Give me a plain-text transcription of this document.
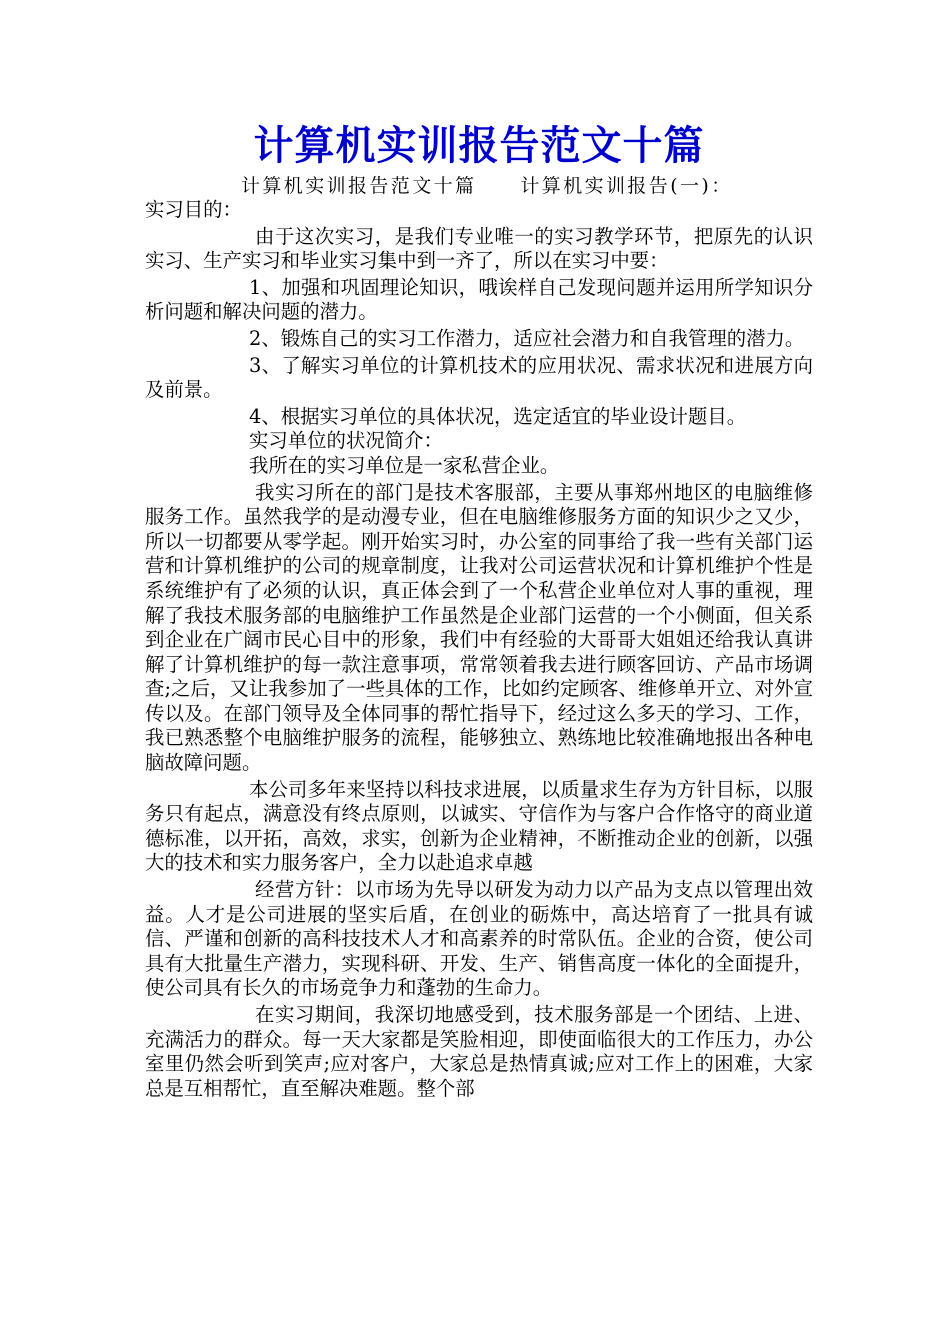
计算机实训报告范文十篇

计算机实训报告范文十篇 计算机实训报告(一)：

实习目的：

由于这次实习，是我们专业唯一的实习教学环节，把原先的认识实习、生产实习和毕业实习集中到一齐了，所以在实习中要：

1、加强和巩固理论知识，哦诶样自己发现问题并运用所学知识分析问题和解决问题的潜力。

2、锻炼自己的实习工作潜力，适应社会潜力和自我管理的潜力。

3、了解实习单位的计算机技术的应用状况、需求状况和进展方向及前景。

4、根据实习单位的具体状况，选定适宜的毕业设计题目。

实习单位的状况简介：

我所在的实习单位是一家私营企业。

我实习所在的部门是技术客服部，主要从事郑州地区的电脑维修服务工作。虽然我学的是动漫专业，但在电脑维修服务方面的知识少之又少，所以一切都要从零学起。刚开始实习时，办公室的同事给了我一些有关部门运营和计算机维护的公司的规章制度，让我对公司运营状况和计算机维护个性是系统维护有了必须的认识，真正体会到了一个私营企业单位对人事的重视，理解了我技术服务部的电脑维护工作虽然是企业部门运营的一个小侧面，但关系到企业在广阔市民心目中的形象，我们中有经验的大哥哥大姐姐还给我认真讲解了计算机维护的每一款注意事项，常常领着我去进行顾客回访、产品市场调查;之后，又让我参加了一些具体的工作，比如约定顾客、维修单开立、对外宣传以及。在部门领导及全体同事的帮忙指导下，经过这么多天的学习、工作，我已熟悉整个电脑维护服务的流程，能够独立、熟练地比较准确地报出各种电脑故障问题。

本公司多年来坚持以科技求进展，以质量求生存为方针目标，以服务只有起点，满意没有终点原则，以诚实、守信作为与客户合作恪守的商业道德标准，以开拓，高效，求实，创新为企业精神，不断推动企业的创新，以强大的技术和实力服务客户，全力以赴追求卓越

经营方针：以市场为先导以研发为动力以产品为支点以管理出效益。人才是公司进展的坚实后盾，在创业的砺炼中，高达培育了一批具有诚信、严谨和创新的高科技技术人才和高素养的时常队伍。企业的合资，使公司具有大批量生产潜力，实现科研、开发、生产、销售高度一体化的全面提升，使公司具有长久的市场竞争力和蓬勃的生命力。

在实习期间，我深切地感受到，技术服务部是一个团结、上进、充满活力的群众。每一天大家都是笑脸相迎，即使面临很大的工作压力，办公室里仍然会听到笑声;应对客户，大家总是热情真诚;应对工作上的困难，大家总是互相帮忙，直至解决难题。整个部
